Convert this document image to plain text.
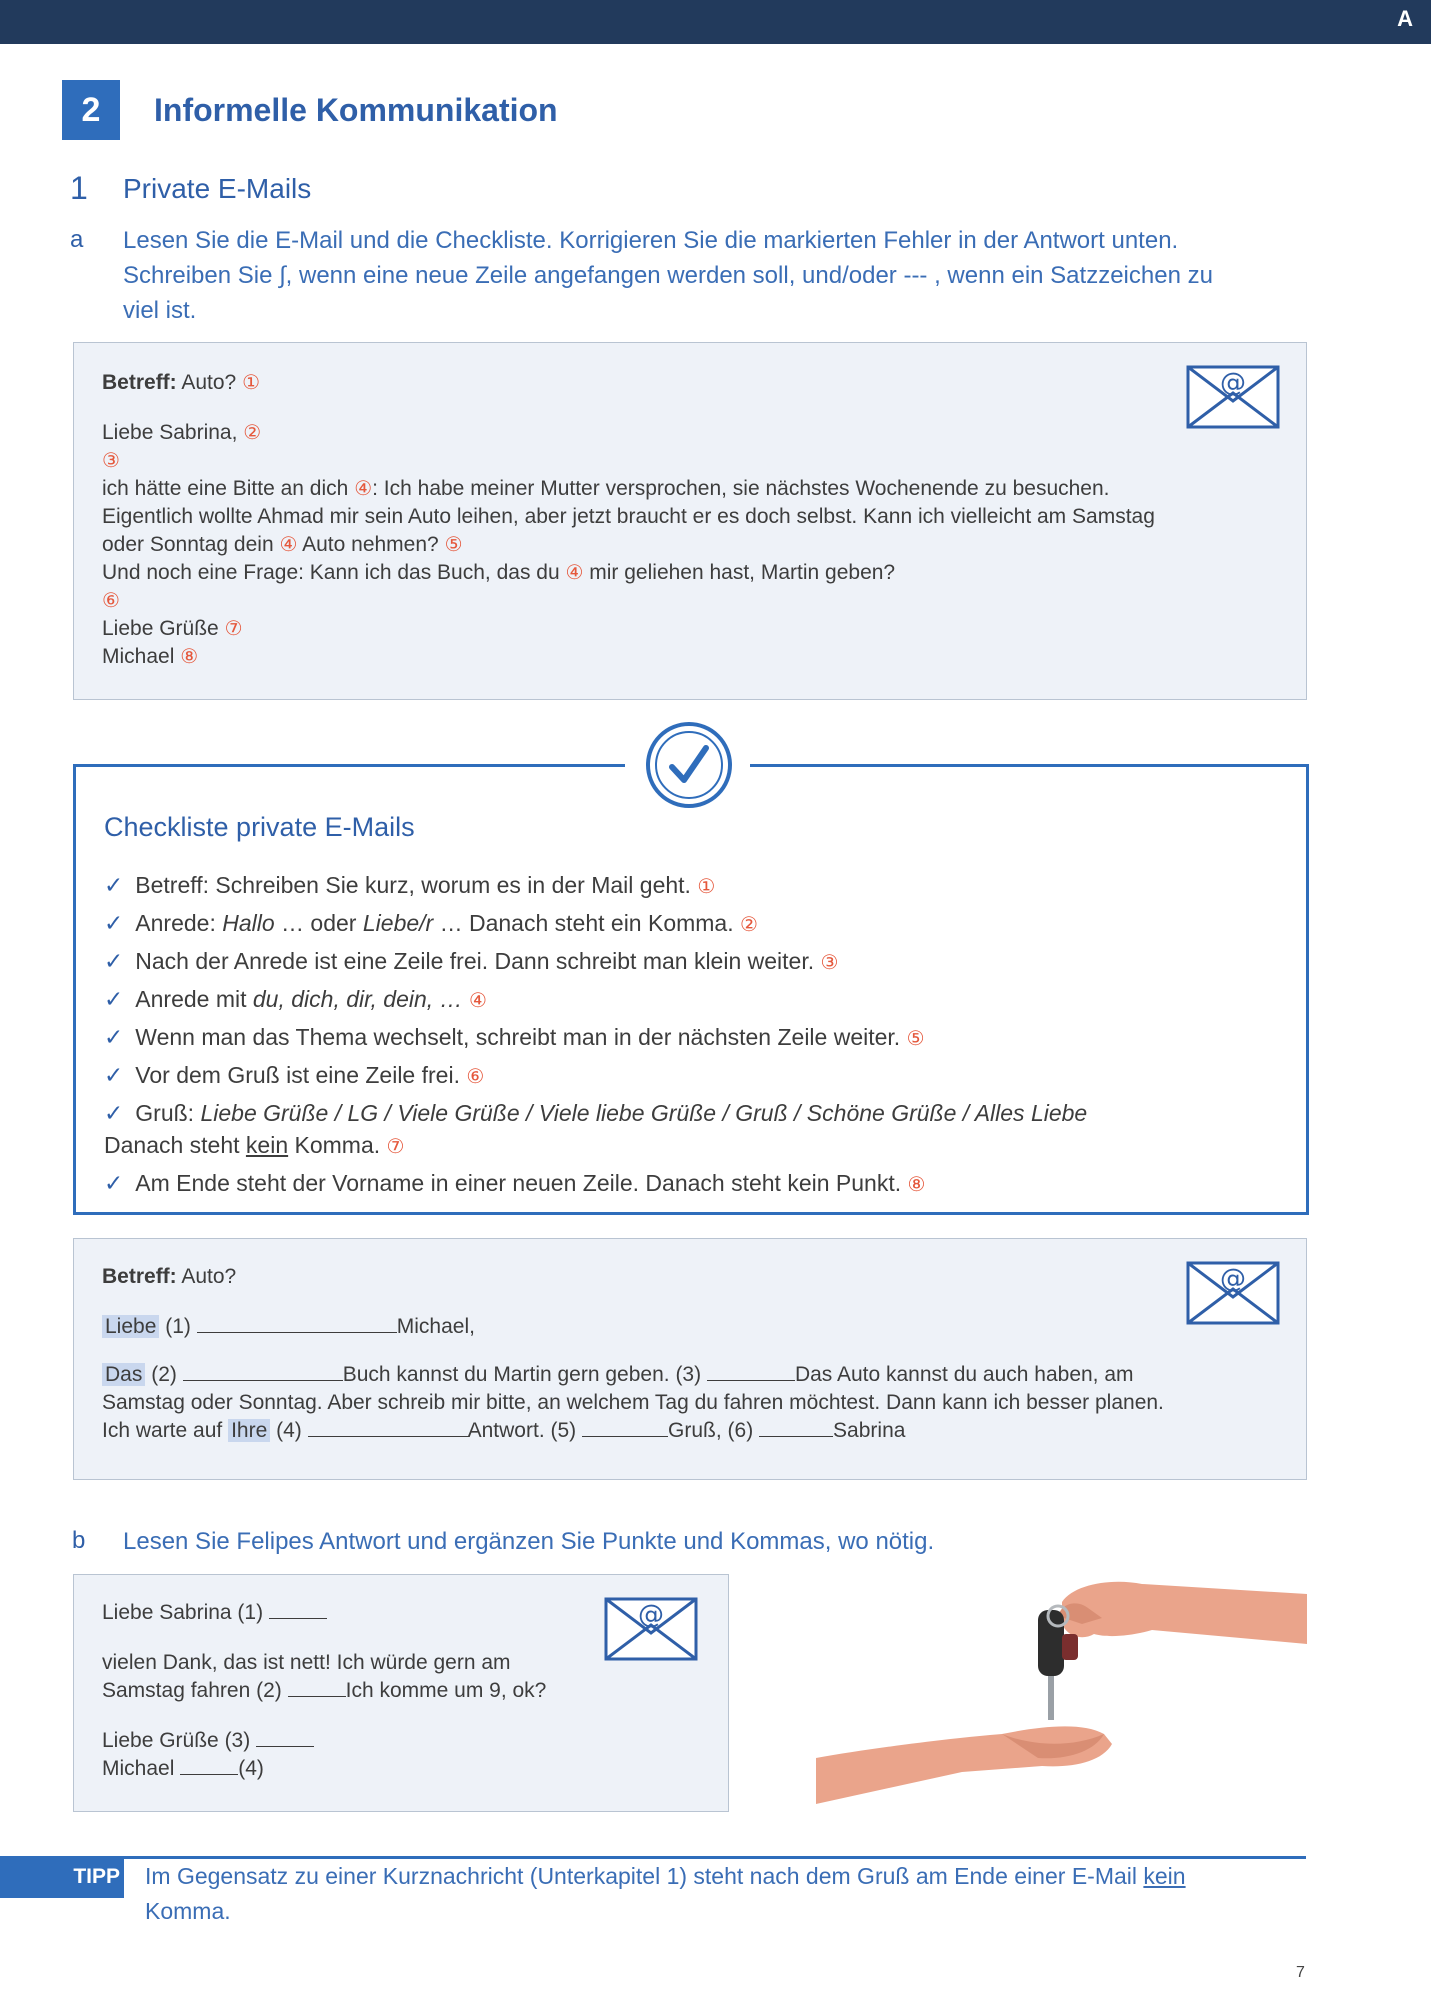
A
2	Informelle Kommunikation
1 Private E-Mails
a Lesen Sie die E-Mail und die Checkliste. Korrigieren Sie die markierten Fehler in der Antwort unten.
Schreiben Sie ∫, wenn eine neue Zeile angefangen werden soll, und/oder --- , wenn ein Satzzeichen zu
viel ist.
@
Betreff: Auto? ①
Liebe Sabrina, ②
③
ich hätte eine Bitte an dich ④: Ich habe meiner Mutter versprochen, sie nächstes Wochenende zu besuchen.
Eigentlich wollte Ahmad mir sein Auto leihen, aber jetzt braucht er es doch selbst. Kann ich vielleicht am Samstag
oder Sonntag dein ④ Auto nehmen? ⑤
Und noch eine Frage: Kann ich das Buch, das du ④ mir geliehen hast, Martin geben?
⑥
Liebe Grüße ⑦
Michael ⑧
Checkliste private E-Mails
✓ Betreff: Schreiben Sie kurz, worum es in der Mail geht. ①
✓ Anrede: Hallo … oder Liebe/r … Danach steht ein Komma. ②
✓ Nach der Anrede ist eine Zeile frei. Dann schreibt man klein weiter. ③
✓ Anrede mit du, dich, dir, dein, … ④
✓ Wenn man das Thema wechselt, schreibt man in der nächsten Zeile weiter. ⑤
✓ Vor dem Gruß ist eine Zeile frei. ⑥
✓ Gruß: Liebe Grüße / LG / Viele Grüße / Viele liebe Grüße / Gruß / Schöne Grüße / Alles Liebe
Danach steht kein Komma. ⑦
✓ Am Ende steht der Vorname in einer neuen Zeile. Danach steht kein Punkt. ⑧
@
Betreff: Auto?
Liebe (1)	Michael,
Das (2)	Buch kannst du Martin gern geben. (3)	Das Auto kannst du auch haben, am
Samstag oder Sonntag. Aber schreib mir bitte, an welchem Tag du fahren möchtest. Dann kann ich besser planen.
Ich warte auf Ihre (4)	Antwort. (5)	Gruß, (6)	Sabrina
b Lesen Sie Felipes Antwort und ergänzen Sie Punkte und Kommas, wo nötig.
@
Liebe Sabrina (1)
vielen Dank, das ist nett! Ich würde gern am
Samstag fahren (2)	Ich komme um 9, ok?
Liebe Grüße (3)
Michael	(4)
TIPP Im Gegensatz zu einer Kurznachricht (Unterkapitel 1) steht nach dem Gruß am Ende einer E-Mail kein
Komma.
7
